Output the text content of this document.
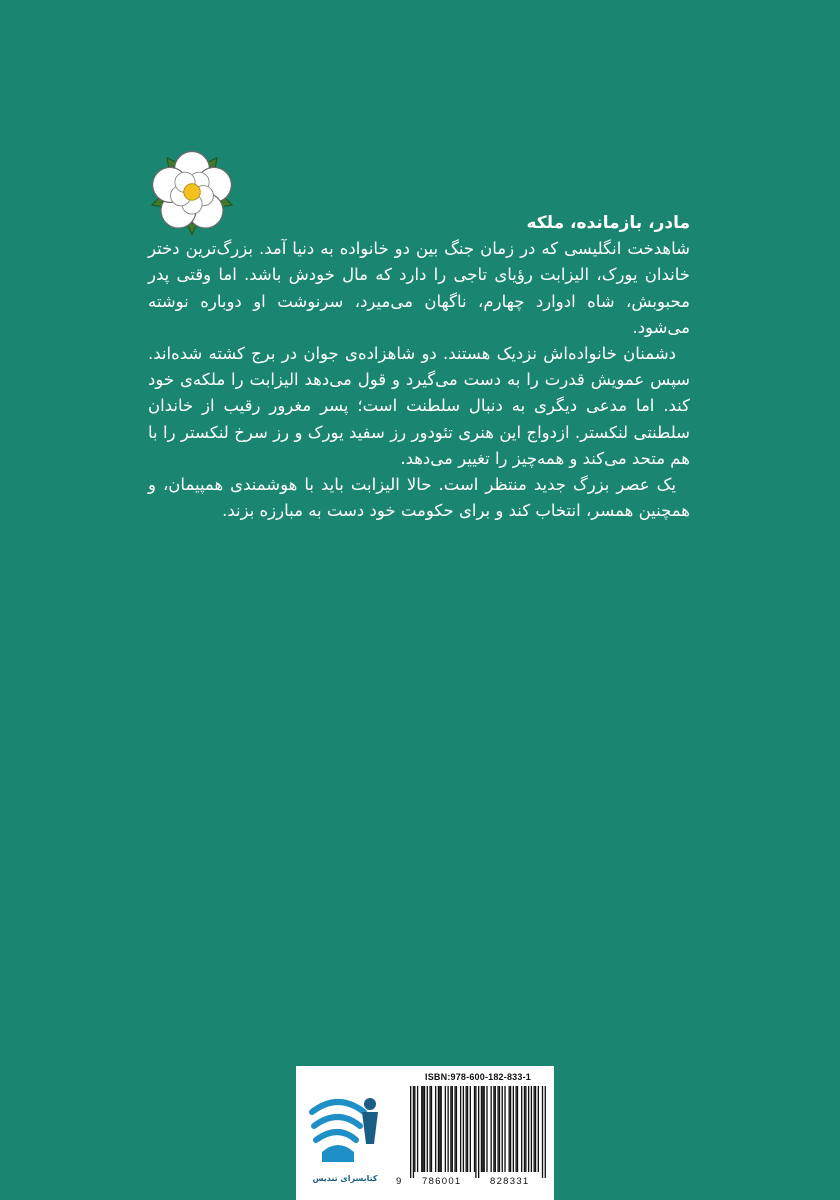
مادر، بازمانده، ملکه

شاهدخت انگلیسی که در زمان جنگ بین دو خانواده به دنیا آمد. بزرگ‌ترین دختر خاندان یورک، الیزابت رؤیای تاجی را دارد که مال خودش باشد. اما وقتی پدر محبوبش، شاه ادوارد چهارم، ناگهان می‌میرد، سرنوشت او دوباره نوشته می‌شود.

دشمنان خانواده‌اش نزدیک هستند. دو شاهزاده‌ی جوان در برج کشته شده‌اند. سپس عمویش قدرت را به دست می‌گیرد و قول می‌دهد الیزابت را ملکه‌ی خود کند. اما مدعی دیگری به دنبال سلطنت است؛ پسر مغرور رقیب از خاندان سلطنتی لنکستر. ازدواج این هنری تئودور رز سفید یورک و رز سرخ لنکستر را با هم متحد می‌کند و همه‌چیز را تغییر می‌دهد.

یک عصر بزرگ جدید منتظر است. حالا الیزابت باید با هوشمندی همپیمان، و همچنین همسر، انتخاب کند و برای حکومت خود دست به مبارزه بزند.

کتابسرای تندیس
ISBN:978-600-182-833-1
9 786001	828331
